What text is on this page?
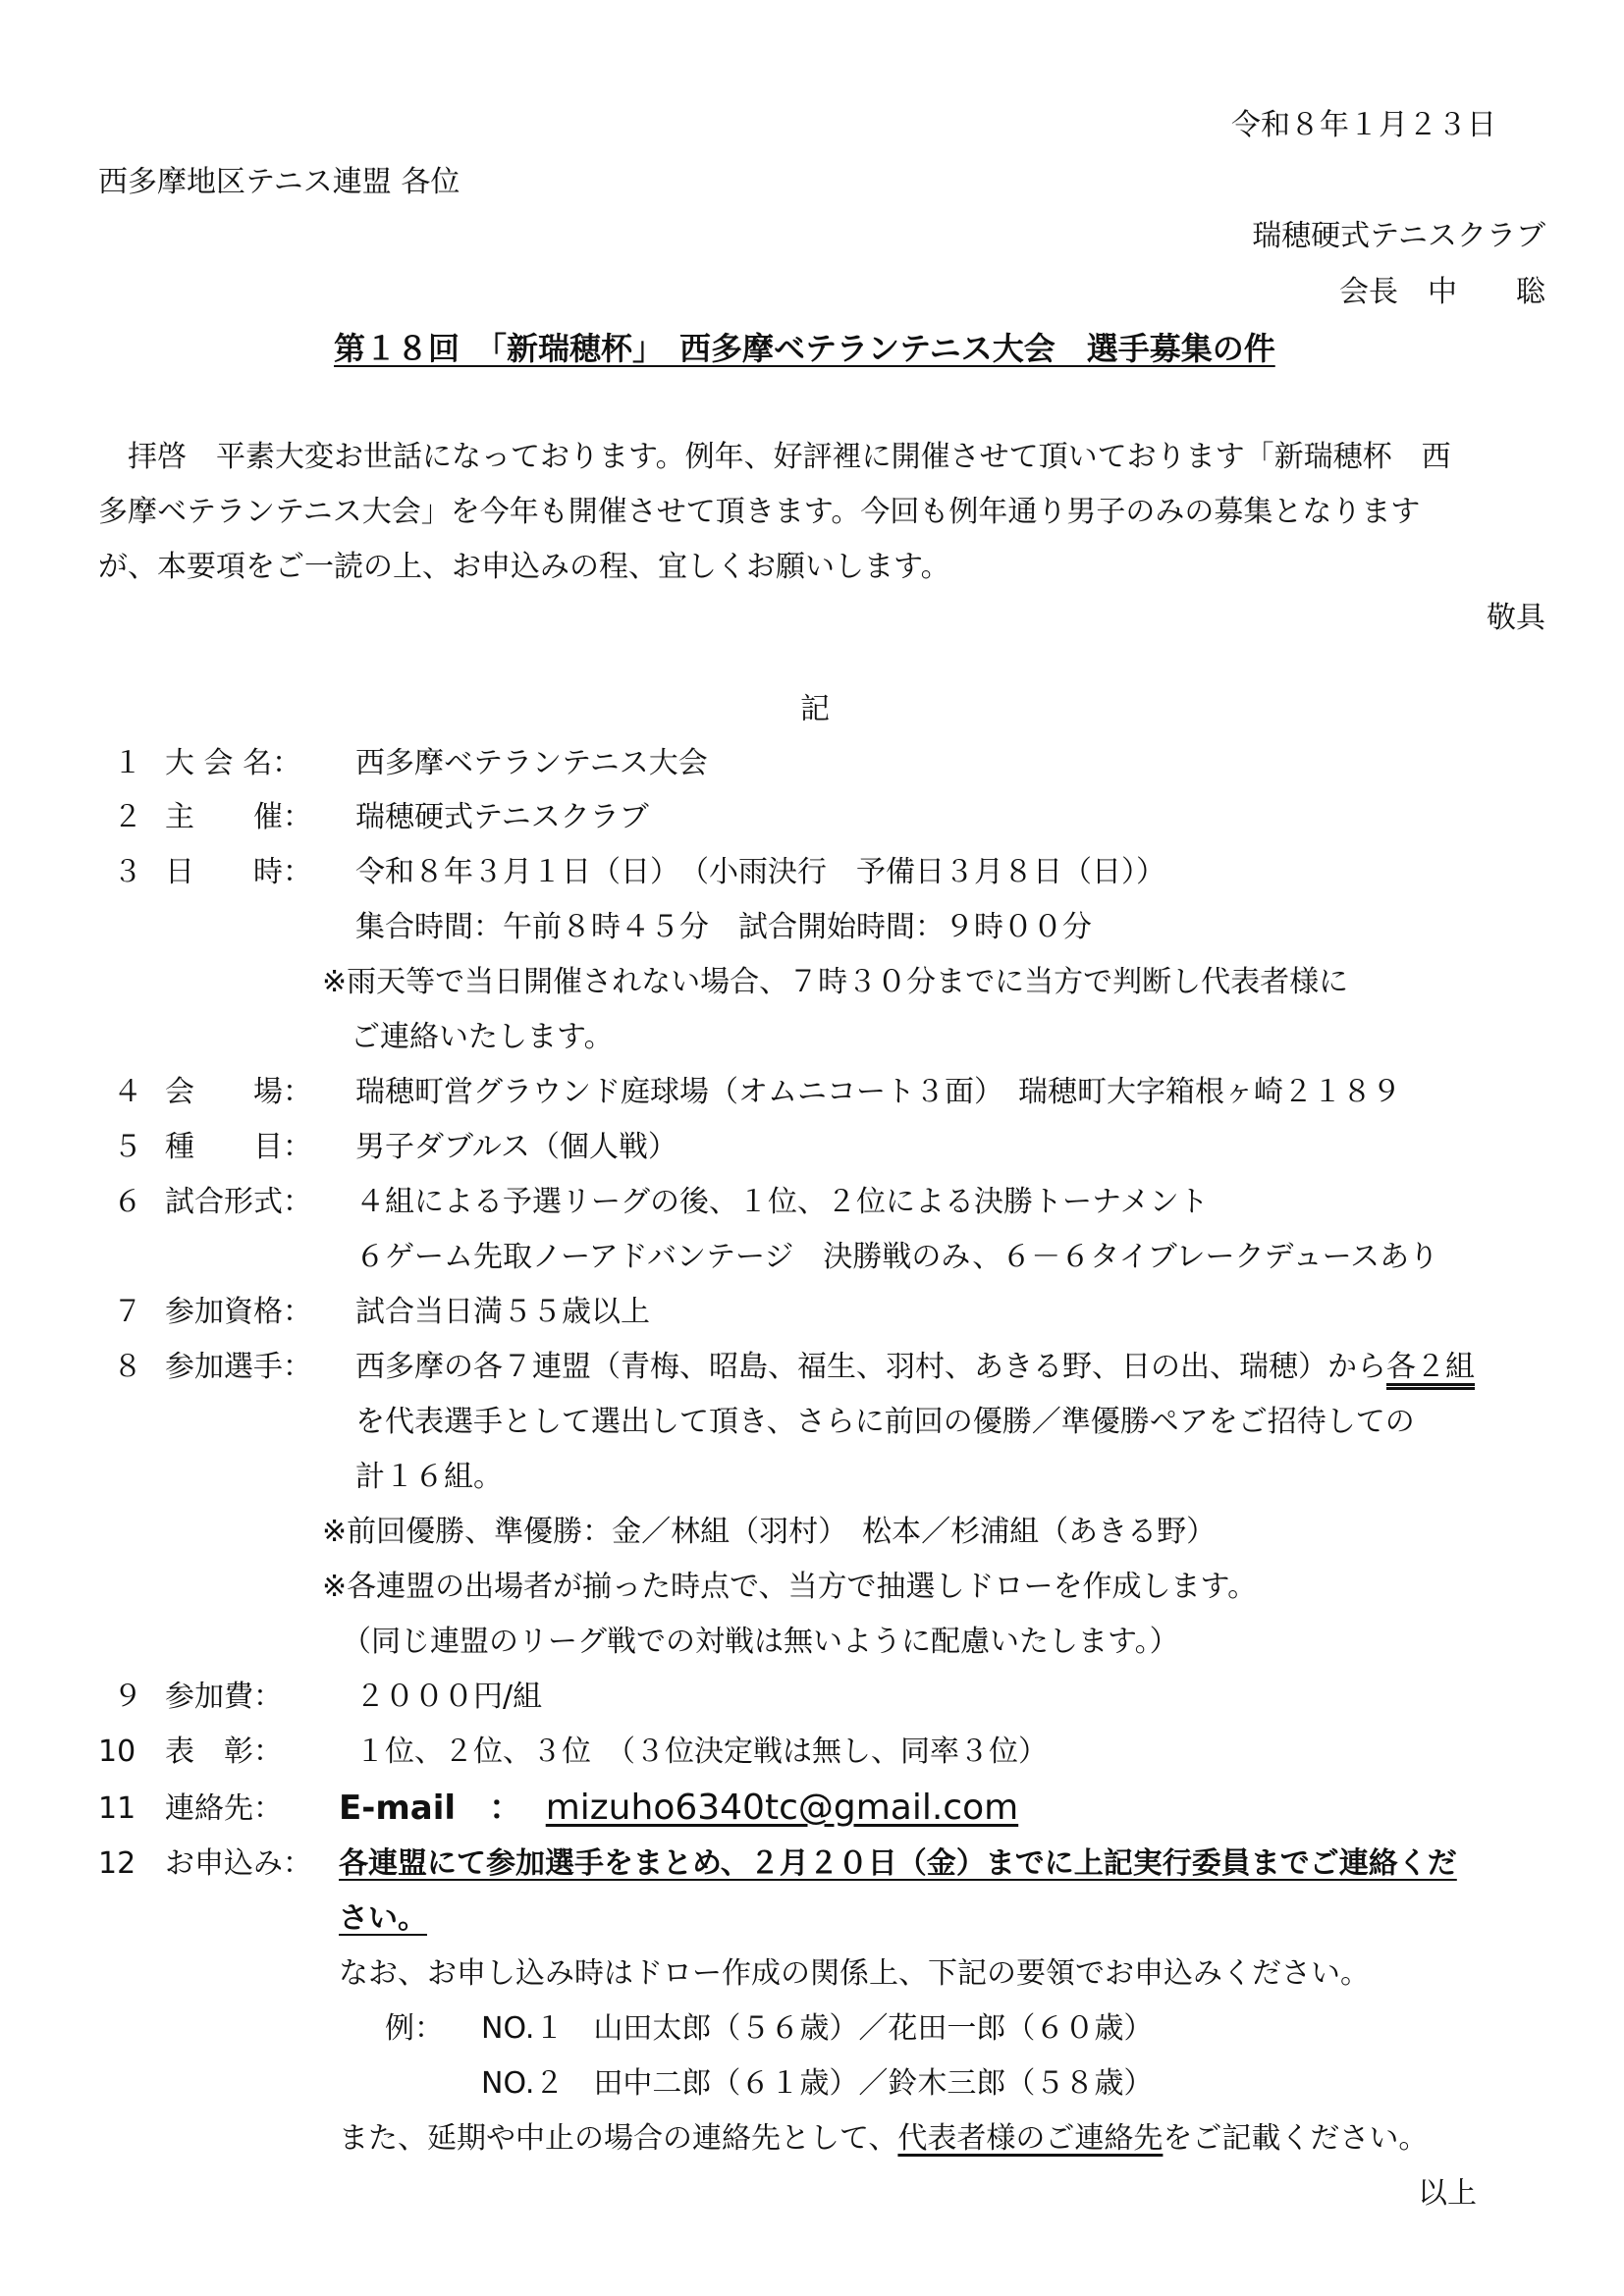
令和８年１月２３日
西多摩地区テニス連盟 各位
瑞穂硬式テニスクラブ
会長　中　　聡
第１８回　「新瑞穂杯」　西多摩ベテランテニス大会　選手募集の件
拝啓　平素大変お世話になっております。例年、好評裡に開催させて頂いております「新瑞穂杯　西
多摩ベテランテニス大会」を今年も開催させて頂きます。今回も例年通り男子のみの募集となります
が、本要項をご一読の上、お申込みの程、宜しくお願いします。
敬具
記
１ 大 会 名： 西多摩ベテランテニス大会
２ 主　　催： 瑞穂硬式テニスクラブ
３ 日　　時： 令和８年３月１日（日）　（小雨決行　予備日３月８日（日））
集合時間：午前８時４５分　試合開始時間：９時００分
※雨天等で当日開催されない場合、７時３０分までに当方で判断し代表者様に
ご連絡いたします。
４ 会　　場： 瑞穂町営グラウンド庭球場（オムニコート３面）　瑞穂町大字箱根ヶ崎２１８９
５ 種　　目： 男子ダブルス（個人戦）
６ 試合形式： ４組による予選リーグの後、１位、２位による決勝トーナメント
６ゲーム先取ノーアドバンテージ　決勝戦のみ、６－６タイブレークデュースあり
７ 参加資格： 試合当日満５５歳以上
８ 参加選手： 西多摩の各７連盟（青梅、昭島、福生、羽村、あきる野、日の出、瑞穂）から各２組
を代表選手として選出して頂き、さらに前回の優勝／準優勝ペアをご招待しての
計１６組。
※前回優勝、準優勝：金／林組（羽村）　松本／杉浦組（あきる野）
※各連盟の出場者が揃った時点で、当方で抽選しドローを作成します。
（同じ連盟のリーグ戦での対戦は無いように配慮いたします。）
９ 参加費： ２０００円/組
10 表　彰： １位、２位、３位　（３位決定戦は無し、同率３位）
11 連絡先： E-mail　： mizuho6340tc@gmail.com
12 お申込み： 各連盟にて参加選手をまとめ、２月２０日（金）までに上記実行委員までご連絡くだ
さい。
なお、お申し込み時はドロー作成の関係上、下記の要領でお申込みください。
例： NO.１　山田太郎（５６歳）／花田一郎（６０歳）
NO.２　田中二郎（６１歳）／鈴木三郎（５８歳）
また、延期や中止の場合の連絡先として、代表者様のご連絡先をご記載ください。
以上
